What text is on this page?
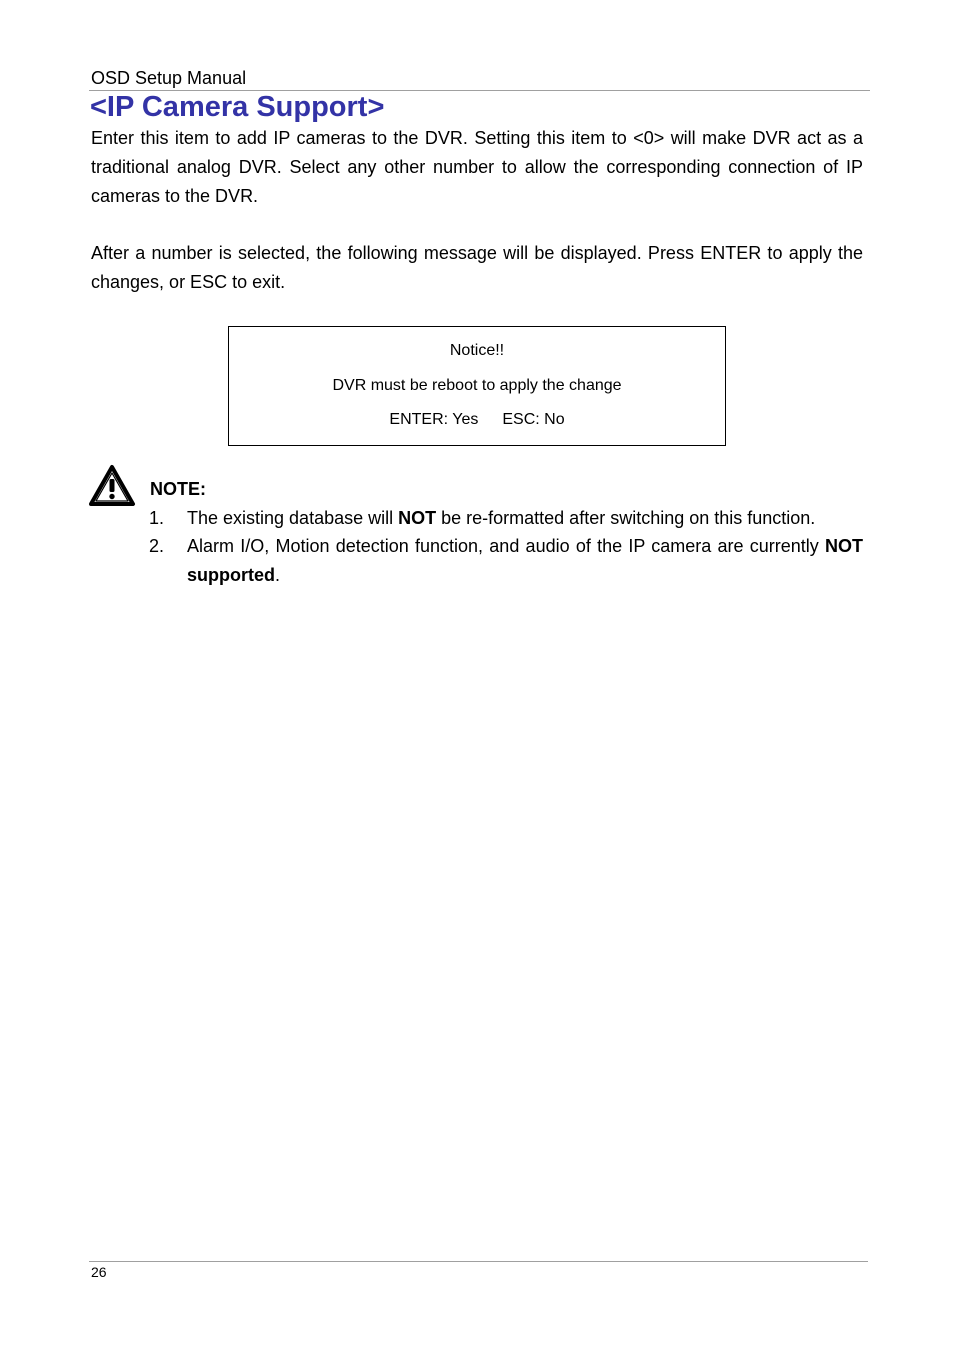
OSD Setup Manual
<IP Camera Support>

Enter this item to add IP cameras to the DVR. Setting this item to <0> will make DVR act as a traditional analog DVR. Select any other number to allow the corresponding connection of IP cameras to the DVR.

After a number is selected, the following message will be displayed. Press ENTER to apply the changes, or ESC to exit.

Notice!!
DVR must be reboot to apply the change
ENTER: Yes ESC: No
NOTE:
1. The existing database will NOT be re-formatted after switching on this function.
2. Alarm I/O, Motion detection function, and audio of the IP camera are currently NOT supported.
26
